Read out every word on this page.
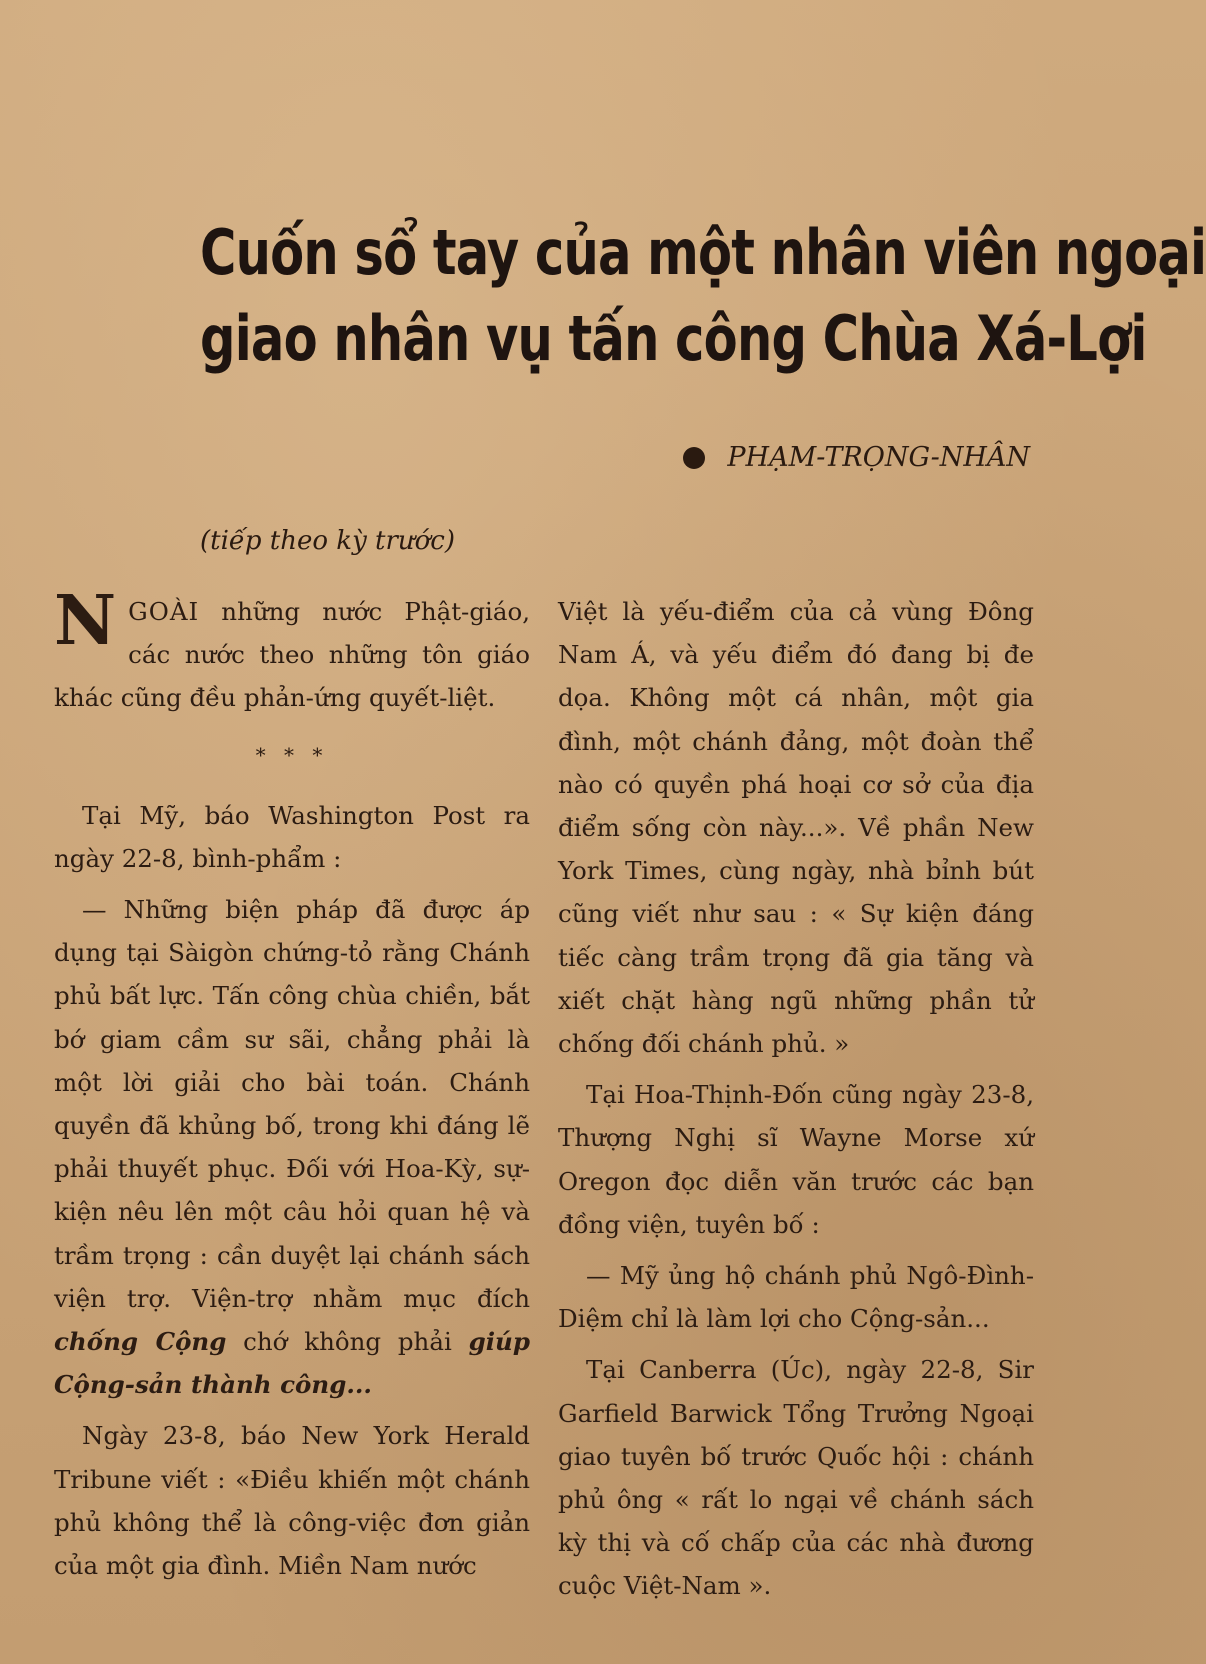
Cuốn sổ tay của một nhân viên ngoại
giao nhân vụ tấn công Chùa Xá-Lợi
PHẠM-TRỌNG-NHÂN
(tiếp theo kỳ trước)

N GOÀI những nước Phật-giáo, các nước theo những tôn giáo khác cũng đều phản-ứng quyết-liệt.

* * *

Tại Mỹ, báo Washington Post ra ngày 22-8, bình-phẩm :

— Những biện pháp đã được áp dụng tại Sàigòn chứng-tỏ rằng Chánh phủ bất lực. Tấn công chùa chiền, bắt bớ giam cầm sư sãi, chẳng phải là một lời giải cho bài toán. Chánh quyền đã khủng bố, trong khi đáng lẽ phải thuyết phục. Đối với Hoa-Kỳ, sự-kiện nêu lên một câu hỏi quan hệ và trầm trọng : cần duyệt lại chánh sách viện trợ. Viện-trợ nhằm mục đích chống Cộng chớ không phải giúp Cộng-sản thành công...

Ngày 23-8, báo New York Herald Tribune viết : «Điều khiến một chánh phủ không thể là công-việc đơn giản của một gia đình. Miền Nam nước

Việt là yếu-điểm của cả vùng Đông Nam Á, và yếu điểm đó đang bị đe dọa. Không một cá nhân, một gia đình, một chánh đảng, một đoàn thể nào có quyền phá hoại cơ sở của địa điểm sống còn này...». Về phần New York Times, cùng ngày, nhà bỉnh bút cũng viết như sau : « Sự kiện đáng tiếc càng trầm trọng đã gia tăng và xiết chặt hàng ngũ những phần tử chống đối chánh phủ. »

Tại Hoa-Thịnh-Đốn cũng ngày 23-8, Thượng Nghị sĩ Wayne Morse xứ Oregon đọc diễn văn trước các bạn đồng viện, tuyên bố :

— Mỹ ủng hộ chánh phủ Ngô-Đình-Diệm chỉ là làm lợi cho Cộng-sản...

Tại Canberra (Úc), ngày 22-8, Sir Garfield Barwick Tổng Trưởng Ngoại giao tuyên bố trước Quốc hội : chánh phủ ông « rất lo ngại về chánh sách kỳ thị và cố chấp của các nhà đương cuộc Việt-Nam ».
